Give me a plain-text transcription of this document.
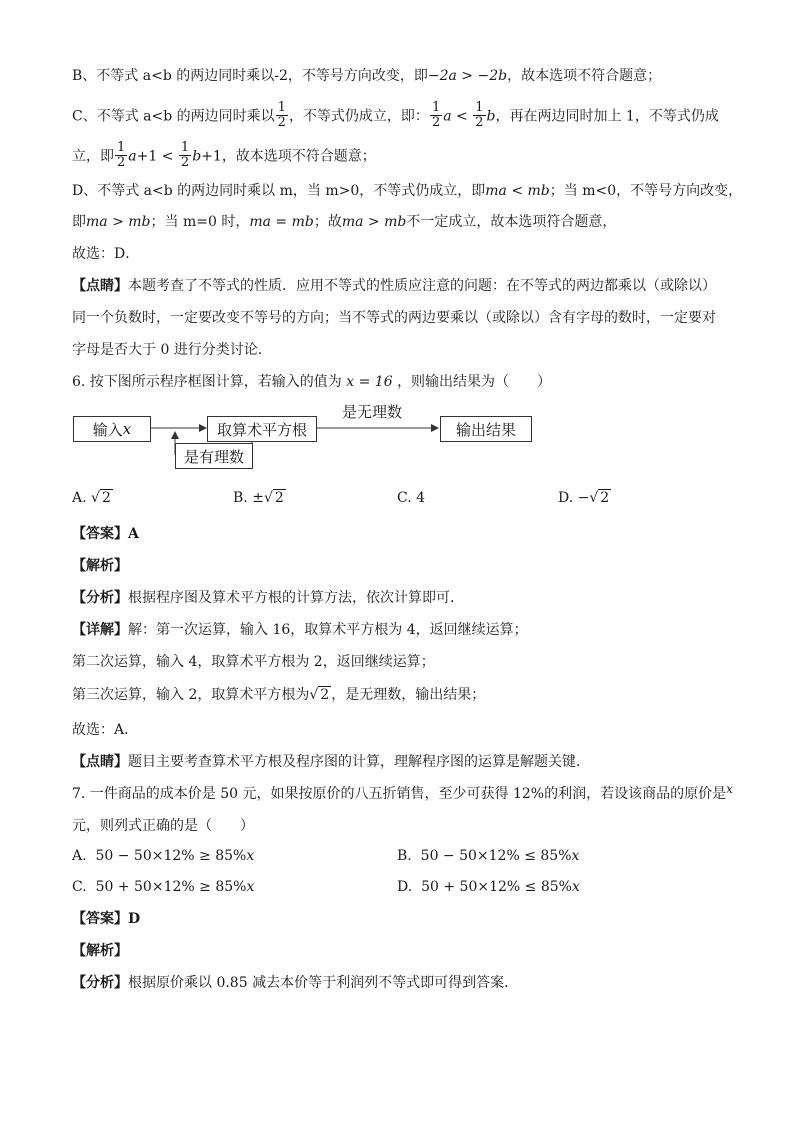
B、不等式 a<b 的两边同时乘以-2，不等号方向改变，即−2a > −2b，故本选项不符合题意；
C、不等式 a<b 的两边同时乘以 $\frac{1}{2}$ ，不等式仍成立，即： $\frac{1}{2}$ $a < \frac{1}{2}$ b，再在两边同时加上 1，不等式仍成
立，即 $\frac{1}{2} a+1 < \frac{1}{2} b+1$，故本选项不符合题意；
D、不等式 a<b 的两边同时乘以 m，当 m>0，不等式仍成立，即ma < mb；当 m<0，不等号方向改变，
即ma > mb；当 m=0 时，ma = mb；故ma > mb不一定成立，故本选项符合题意，
故选：D．
【点睛】本题考查了不等式的性质．应用不等式的性质应注意的问题：在不等式的两边都乘以（或除以）
同一个负数时，一定要改变不等号的方向；当不等式的两边要乘以（或除以）含有字母的数时，一定要对
字母是否大于 0 进行分类讨论．
6. 按下图所示程序框图计算，若输入的值为 x = 16 ，则输出结果为（　　）
输入 x	取算术平方根	输出结果
是有理数
是无理数
A. √ 2	B. ±√ 2	C. 4	D. −√ 2
【答案】A
【解析】
【分析】根据程序图及算术平方根的计算方法，依次计算即可．
【详解】解：第一次运算，输入 16，取算术平方根为 4，返回继续运算；
第二次运算，输入 4，取算术平方根为 2，返回继续运算；
第三次运算，输入 2，取算术平方根为√ 2 ，是无理数，输出结果；
故选：A．
【点睛】题目主要考查算术平方根及程序图的计算，理解程序图的运算是解题关键．
7. 一件商品的成本价是 50 元，如果按原价的八五折销售，至少可获得 12%的利润，若设该商品的原价是x
元，则列式正确的是（　　）
A. 50 − 50×12% ≥ 85%x	B. 50 − 50×12% ≤ 85%x
C. 50 + 50×12% ≥ 85%x	D. 50 + 50×12% ≤ 85%x
【答案】D
【解析】
【分析】根据原价乘以 0.85 减去本价等于利润列不等式即可得到答案．
